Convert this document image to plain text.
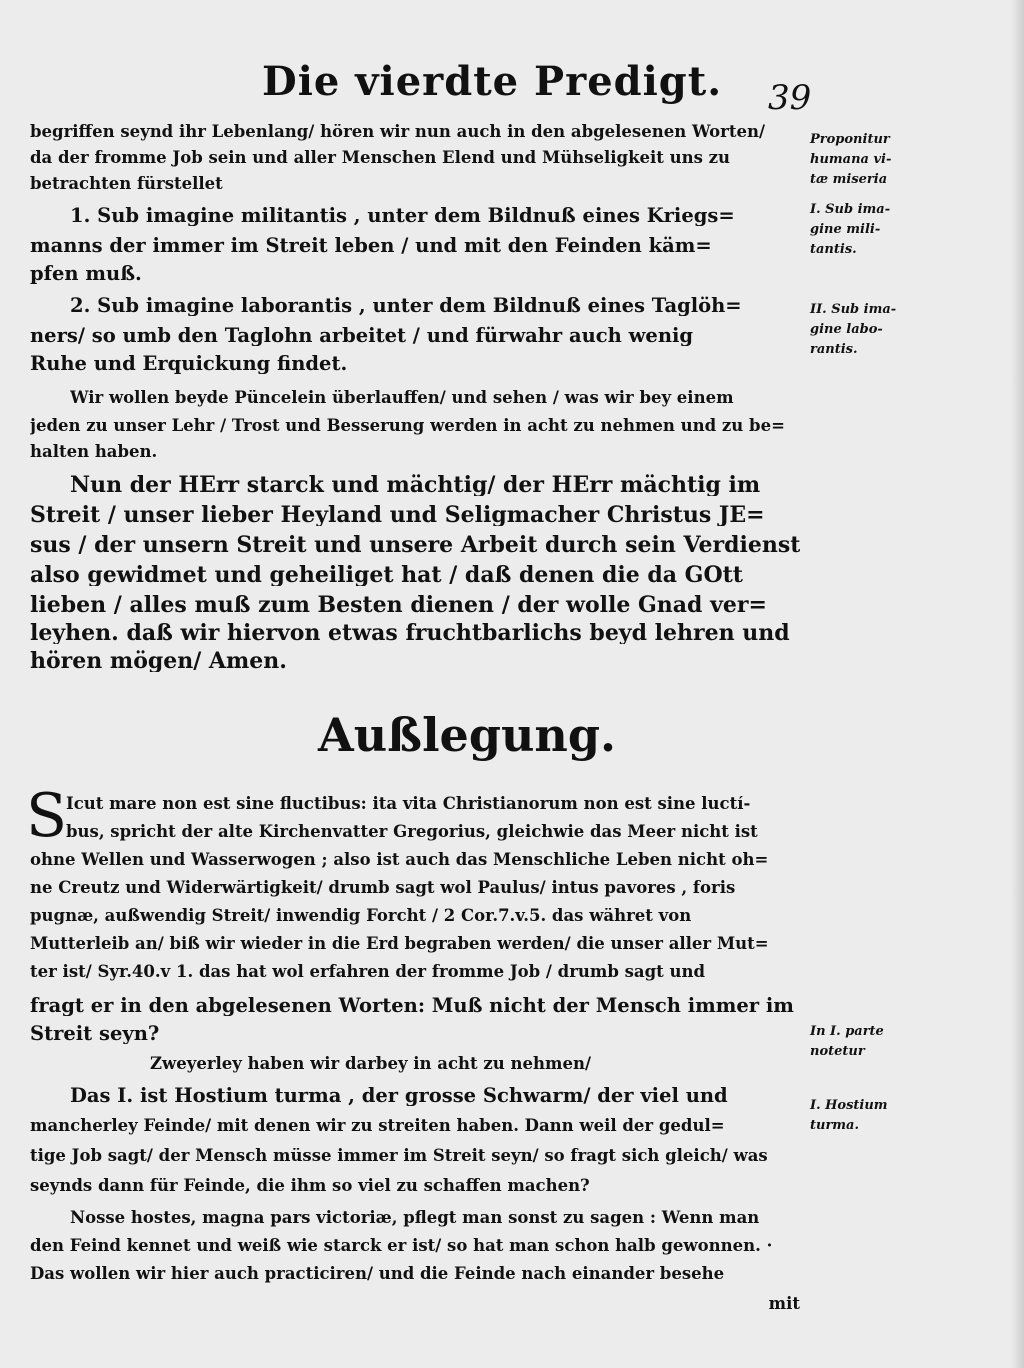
Die vierdte Predigt. 39
begriffen seynd ihr Lebenlang/ hören wir nun auch in den abgelesenen Worten/
da der fromme Job sein und aller Menschen Elend und Mühseligkeit uns zu
betrachten fürstellet
1. Sub imagine militantis , unter dem Bildnuß eines Kriegs=
manns der immer im Streit leben / und mit den Feinden käm=
pfen muß.
2. Sub imagine laborantis , unter dem Bildnuß eines Taglöh=
ners/ so umb den Taglohn arbeitet / und fürwahr auch wenig
Ruhe und Erquickung findet.
Wir wollen beyde Püncelein überlauffen/ und sehen / was wir bey einem
jeden zu unser Lehr / Trost und Besserung werden in acht zu nehmen und zu be=
halten haben.
Nun der HErr starck und mächtig/ der HErr mächtig im
Streit / unser lieber Heyland und Seligmacher Christus JE=
sus / der unsern Streit und unsere Arbeit durch sein Verdienst
also gewidmet und geheiliget hat / daß denen die da GOtt
lieben / alles muß zum Besten dienen / der wolle Gnad ver=
leyhen. daß wir hiervon etwas fruchtbarlichs beyd lehren und
hören mögen/ Amen.
Außlegung.
S
Icut mare non est sine fluctibus: ita vita Christianorum non est sine luctí-
bus, spricht der alte Kirchenvatter Gregorius, gleichwie das Meer nicht ist
ohne Wellen und Wasserwogen ; also ist auch das Menschliche Leben nicht oh=
ne Creutz und Widerwärtigkeit/ drumb sagt wol Paulus/ intus pavores , foris
pugnæ, außwendig Streit/ inwendig Forcht / 2 Cor.7.v.5. das währet von
Mutterleib an/ biß wir wieder in die Erd begraben werden/ die unser aller Mut=
ter ist/ Syr.40.v 1. das hat wol erfahren der fromme Job / drumb sagt und
fragt er in den abgelesenen Worten: Muß nicht der Mensch immer im
Streit seyn?
Zweyerley haben wir darbey in acht zu nehmen/
Das I. ist Hostium turma , der grosse Schwarm/ der viel und
mancherley Feinde/ mit denen wir zu streiten haben. Dann weil der gedul=
tige Job sagt/ der Mensch müsse immer im Streit seyn/ so fragt sich gleich/ was
seynds dann für Feinde, die ihm so viel zu schaffen machen?
Nosse hostes, magna pars victoriæ, pflegt man sonst zu sagen : Wenn man
den Feind kennet und weiß wie starck er ist/ so hat man schon halb gewonnen. ·
Das wollen wir hier auch practiciren/ und die Feinde nach einander besehe
mit
Proponitur
humana vi-
tæ miseria
I. Sub ima-
gine mili-
tantis.
II. Sub ima-
gine labo-
rantis.
In I. parte
notetur
I. Hostium
turma.
